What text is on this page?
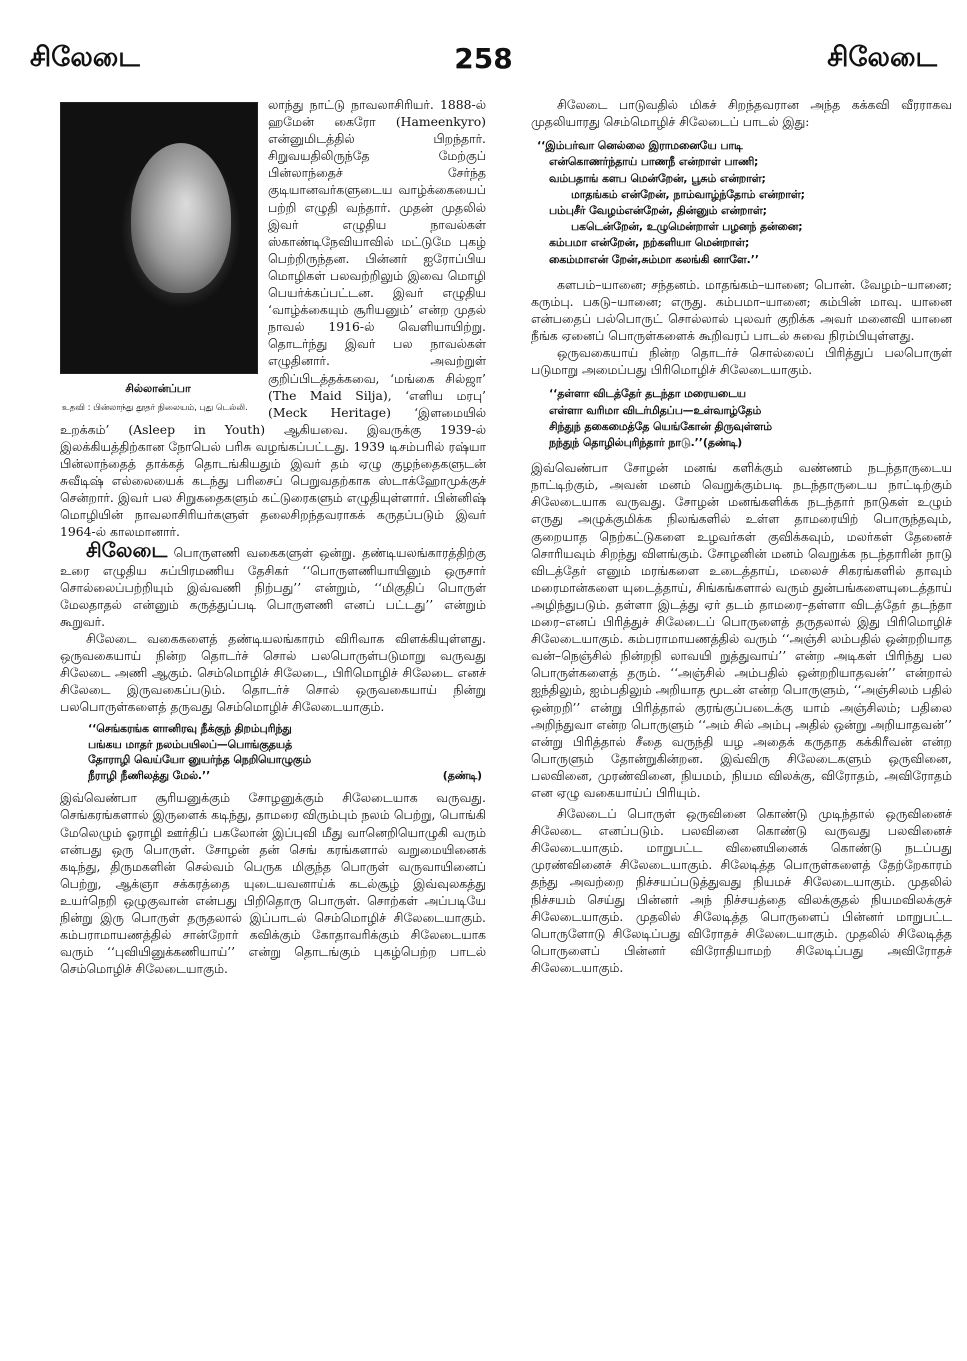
சிலேடை	258	சிலேடை
சில்லான்ப்பா
உதவி : பின்லாந்து தூதர் நிலையம், புது டெல்லி.

லாந்து நாட்டு நாவலாசிரியர். 1888-ல் ஹமேன் கைரோ (Hameenkyro) என்னுமிடத்தில் பிறந்தார். சிறுவயதிலிருந்தே மேற்குப் பின்லாந்தைச் சேர்ந்த குடியானவர்களுடைய வாழ்க்கையைப் பற்றி எழுதி வந்தார். முதன் முதலில் இவர் எழுதிய நாவல்கள் ஸ்காண்டிநேவியாவில் மட்டுமே புகழ் பெற்றிருந்தன. பின்னர் ஐரோப்பிய மொழிகள் பலவற்றிலும் இவை மொழி பெயர்க்கப்பட்டன. இவர் எழுதிய ‘வாழ்க்கையும் சூரியனும்’ என்ற முதல் நாவல் 1916-ல் வெளியாயிற்று. தொடர்ந்து இவர் பல நாவல்கள் எழுதினார். அவற்றுள் குறிப்பிடத்தக்கவை, ‘மங்கை சில்ஜா’ (The Maid Silja), ‘எளிய மரபு’ (Meck Heritage) ‘இளமையில் உறக்கம்’ (Asleep in Youth) ஆகியவை. இவருக்கு 1939-ல் இலக்கியத்திற்கான நோபெல் பரிசு வழங்கப்பட்டது. 1939 டிசம்பரில் ரஷ்யா பின்லாந்தைத் தாக்கத் தொடங்கியதும் இவர் தம் ஏழு குழந்தைகளுடன் சுவீடிஷ் எல்லையைக் கடந்து பரிசைப் பெறுவதற்காக ஸ்டாக்ஹோமுக்குச் சென்றார். இவர் பல சிறுகதைகளும் கட்டுரைகளும் எழுதியுள்ளார். பின்னிஷ் மொழியின் நாவலாசிரியர்களுள் தலைசிறந்தவராகக் கருதப்படும் இவர் 1964-ல் காலமானார்.

சிலேடை பொருளணி வகைகளுள் ஒன்று. தண்டியலங்காரத்திற்கு உரை எழுதிய சுப்பிரமணிய தேசிகர் ‘‘பொருளணியாயினும் ஒருசார் சொல்லைப்பற்றியும் இவ்வணி நிற்பது’’ என்றும், ‘‘மிகுதிப் பொருள் மேலதாதல் என்னும் கருத்துப்படி பொருளணி எனப் பட்டது’’ என்றும் கூறுவர்.

சிலேடை வகைகளைத் தண்டியலங்காரம் விரிவாக விளக்கியுள்ளது. ஒருவகையாய் நின்ற தொடர்ச் சொல் பலபொருள்படுமாறு வருவது சிலேடை அணி ஆகும். செம்மொழிச் சிலேடை, பிரிமொழிச் சிலேடை எனச் சிலேடை இருவகைப்படும். தொடர்ச் சொல் ஒருவகையாய் நின்று பலபொருள்களைத் தருவது செம்மொழிச் சிலேடையாகும்.

‘‘செங்கரங்க ளானிரவு நீக்குந் திறம்புரிந்து
பங்கய மாதர் நலம்பயிலப்—பொங்குதயத்
தோராழி வெய்யோ னுயர்ந்த நெறியொழுகும்
நீராழி நீணிலத்து மேல்.’’	(தண்டி)

இவ்வெண்பா சூரியனுக்கும் சோழனுக்கும் சிலேடையாக வருவது. செங்கரங்களால் இருளைக் கடிந்து, தாமரை விரும்பும் நலம் பெற்று, பொங்கி மேலெழும் ஓராழி ஊர்திப் பகலோன் இப்புவி மீது வானெறியொழுகி வரும் என்பது ஒரு பொருள். சோழன் தன் செங் கரங்களால் வறுமையினைக் கடிந்து, திருமகளின் செல்வம் பெருக மிகுந்த பொருள் வருவாயினைப் பெற்று, ஆக்ஞா சக்கரத்தை யுடையவனாய்க் கடல்சூழ் இவ்வுலகத்து உயர்நெறி ஒழுகுவான் என்பது பிறிதொரு பொருள். சொற்கள் அப்படியே நின்று இரு பொருள் தருதலால் இப்பாடல் செம்மொழிச் சிலேடையாகும். கம்பராமாயணத்தில் சான்றோர் கவிக்கும் கோதாவரிக்கும் சிலேடையாக வரும் ‘‘புவியினுக்கணியாய்’’ என்று தொடங்கும் புகழ்பெற்ற பாடல் செம்மொழிச் சிலேடையாகும்.

சிலேடை பாடுவதில் மிகச் சிறந்தவரான அந்த கக்கவி வீரராகவ முதலியாரது செம்மொழிச் சிலேடைப் பாடல் இது:

‘‘இம்பர்வா னெல்லை இராமனையே பாடி
என்கொணர்ந்தாய் பாணநீ என்றாள் பாணி;
வம்பதாங் களப மென்றேன், பூசும் என்றாள்;
மாதங்கம் என்றேன், நாம்வாழ்ந்தோம் என்றாள்;
பம்புசீர் வேழம்என்றேன், தின்னும் என்றாள்;
பகடென்றேன், உழுமென்றாள் பழனந் தன்னை;
கம்பமா என்றேன், நற்களியா மென்றாள்;
கைம்மாஎன் றேன்,சும்மா கலங்கி னாளே.’’

களபம்–யானை; சந்தனம். மாதங்கம்–யானை; பொன். வேழம்–யானை; கரும்பு. பகடு–யானை; எருது. கம்பமா–யானை; கம்பின் மாவு. யானை என்பதைப் பல்பொருட் சொல்லால் புலவர் குறிக்க அவர் மனைவி யானை நீங்க ஏனைப் பொருள்களைக் கூறிவரப் பாடல் சுவை நிரம்பியுள்ளது.

ஒருவகையாய் நின்ற தொடர்ச் சொல்லைப் பிரித்துப் பலபொருள் படுமாறு அமைப்பது பிரிமொழிச் சிலேடையாகும்.

‘‘தள்ளா விடத்தேர் தடந்தா மரையடைய
எள்ளா வரிமா விடர்மிதப்ப—உள்வாழ்தேம்
சிந்துந் தகைமைத்தே யெங்கோன் திருவுள்ளம்
நந்துந் தொழில்புரிந்தார் நாடு.’’(தண்டி)

இவ்வெண்பா சோழன் மனங் களிக்கும் வண்ணம் நடந்தாருடைய நாட்டிற்கும், அவன் மனம் வெறுக்கும்படி நடந்தாருடைய நாட்டிற்கும் சிலேடையாக வருவது. சோழன் மனங்களிக்க நடந்தார் நாடுகள் உழும் எருது அழுக்குமிக்க நிலங்களில் உள்ள தாமரையிற் பொருந்தவும், குறையாத நெற்கட்டுகளை உழவர்கள் குவிக்கவும், மலர்கள் தேனைச் சொரியவும் சிறந்து விளங்கும். சோழனின் மனம் வெறுக்க நடந்தாரின் நாடு விடத்தேர் எனும் மரங்களை உடைத்தாய், மலைச் சிகரங்களில் தாவும் மரைமான்களை யுடைத்தாய், சிங்கங்களால் வரும் துன்பங்களையுடைத்தாய் அழிந்துபடும். தள்ளா இடத்து ஏர் தடம் தாமரை–தள்ளா விடத்தேர் தடந்தா மரை–எனப் பிரித்துச் சிலேடைப் பொருளைத் தருதலால் இது பிரிமொழிச் சிலேடையாகும். கம்பராமாயணத்தில் வரும் ‘‘அஞ்சி லம்பதில் ஒன்றறியாத வன்–நெஞ்சில் நின்றநி லாவயி றுத்துவாய்’’ என்ற அடிகள் பிரிந்து பல பொருள்களைத் தரும். ‘‘அஞ்சில் அம்பதில் ஒன்றறியாதவன்’’ என்றால் ஐந்திலும், ஐம்பதிலும் அறியாத மூடன் என்ற பொருளும், ‘‘அஞ்சிலம் பதில் ஒன்றறி’’ என்று பிரித்தால் குரங்குப்படைக்கு யாம் அஞ்சிலம்; பதிலை அறிந்துவா என்ற பொருளும் ‘‘அம் சில் அம்பு அதில் ஒன்று அறியாதவன்’’ என்று பிரித்தால் சீதை வருந்தி யழ அதைக் கருதாத கக்கிரீவன் என்ற பொருளும் தோன்றுகின்றன. இவ்விரு சிலேடைகளும் ஒருவினை, பலவினை, முரண்வினை, நியமம், நியம விலக்கு, விரோதம், அவிரோதம் என ஏழு வகையாய்ப் பிரியும்.

சிலேடைப் பொருள் ஒருவினை கொண்டு முடிந்தால் ஒருவினைச் சிலேடை எனப்படும். பலவினை கொண்டு வருவது பலவினைச் சிலேடையாகும். மாறுபட்ட வினையினைக் கொண்டு நடப்பது முரண்வினைச் சிலேடையாகும். சிலேடித்த பொருள்களைத் தேற்றேகாரம் தந்து அவற்றை நிச்சயப்படுத்துவது நியமச் சிலேடையாகும். முதலில் நிச்சயம் செய்து பின்னர் அந் நிச்சயத்தை விலக்குதல் நியமவிலக்குச் சிலேடையாகும். முதலில் சிலேடித்த பொருளைப் பின்னர் மாறுபட்ட பொருளோடு சிலேடிப்பது விரோதச் சிலேடையாகும். முதலில் சிலேடித்த பொருளைப் பின்னர் விரோதியாமற் சிலேடிப்பது அவிரோதச் சிலேடையாகும்.
